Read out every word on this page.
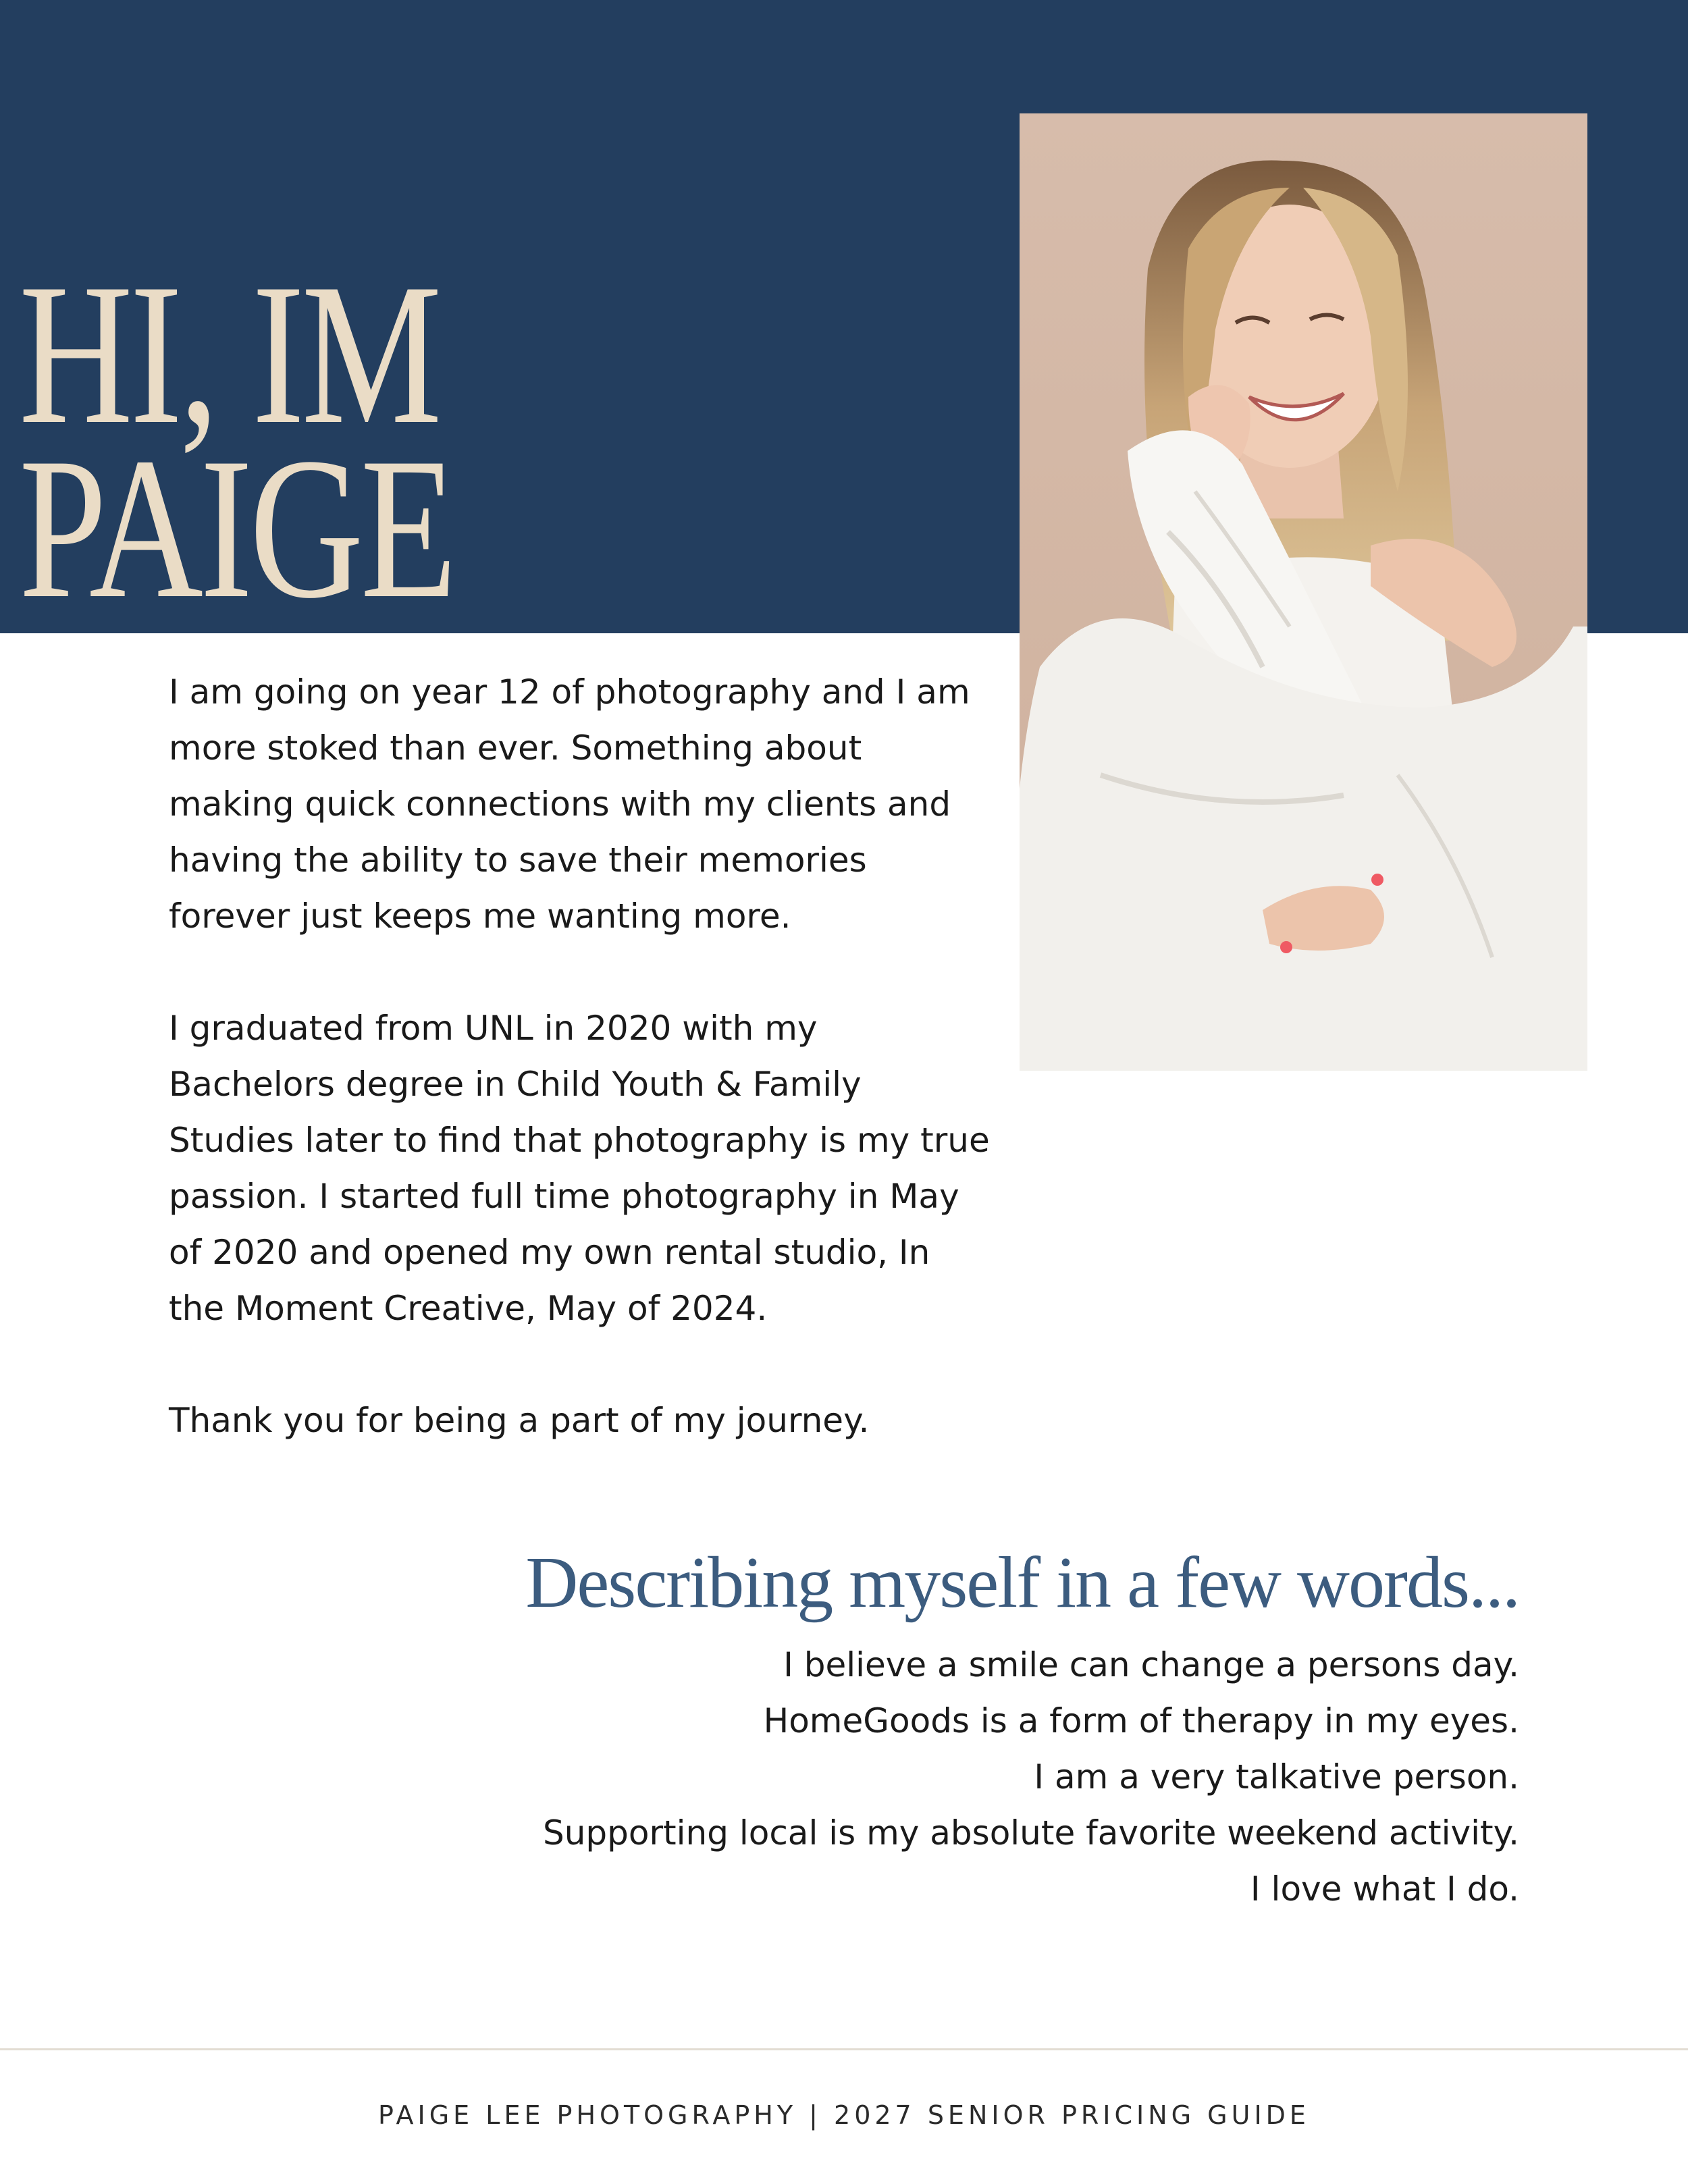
HI, IM
PAIGE

I am going on year 12 of photography and I am
more stoked than ever. Something about
making quick connections with my clients and
having the ability to save their memories
forever just keeps me wanting more.

I graduated from UNL in 2020 with my
Bachelors degree in Child Youth & Family
Studies later to find that photography is my true
passion. I started full time photography in May
of 2020 and opened my own rental studio, In
the Moment Creative, May of 2024.

Thank you for being a part of my journey.

Describing myself in a few words...
I believe a smile can change a persons day.
HomeGoods is a form of therapy in my eyes.
I am a very talkative person.
Supporting local is my absolute favorite weekend activity.
I love what I do.
PAIGE LEE PHOTOGRAPHY | 2027 SENIOR PRICING GUIDE
